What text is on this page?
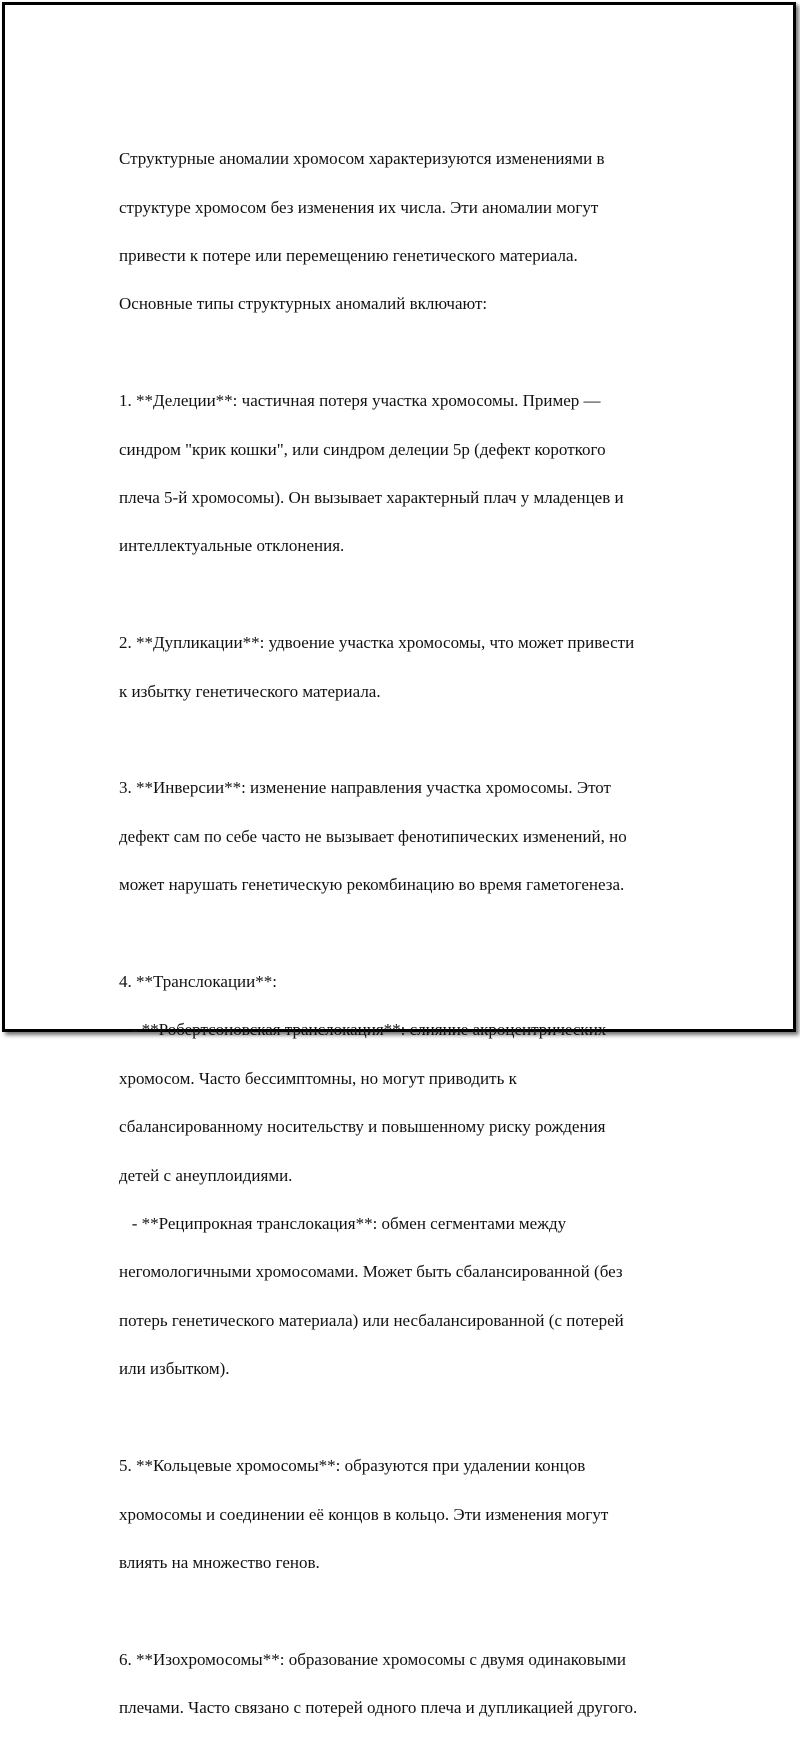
Структурные аномалии хромосом характеризуются изменениями в

структуре хромосом без изменения их числа. Эти аномалии могут

привести к потере или перемещению генетического материала.

Основные типы структурных аномалий включают:

1. **Делеции**: частичная потеря участка хромосомы. Пример —

синдром "крик кошки", или синдром делеции 5p (дефект короткого

плеча 5-й хромосомы). Он вызывает характерный плач у младенцев и

интеллектуальные отклонения.

2. **Дупликации**: удвоение участка хромосомы, что может привести

к избытку генетического материала.

3. **Инверсии**: изменение направления участка хромосомы. Этот

дефект сам по себе часто не вызывает фенотипических изменений, но

может нарушать генетическую рекомбинацию во время гаметогенеза.

4. **Транслокации**:

- **Робертсоновская транслокация**: слияние акроцентрических

хромосом. Часто бессимптомны, но могут приводить к

сбалансированному носительству и повышенному риску рождения

детей с анеуплоидиями.

- **Реципрокная транслокация**: обмен сегментами между

негомологичными хромосомами. Может быть сбалансированной (без

потерь генетического материала) или несбалансированной (с потерей

или избытком).

5. **Кольцевые хромосомы**: образуются при удалении концов

хромосомы и соединении её концов в кольцо. Эти изменения могут

влиять на множество генов.

6. **Изохромосомы**: образование хромосомы с двумя одинаковыми

плечами. Часто связано с потерей одного плеча и дупликацией другого.
